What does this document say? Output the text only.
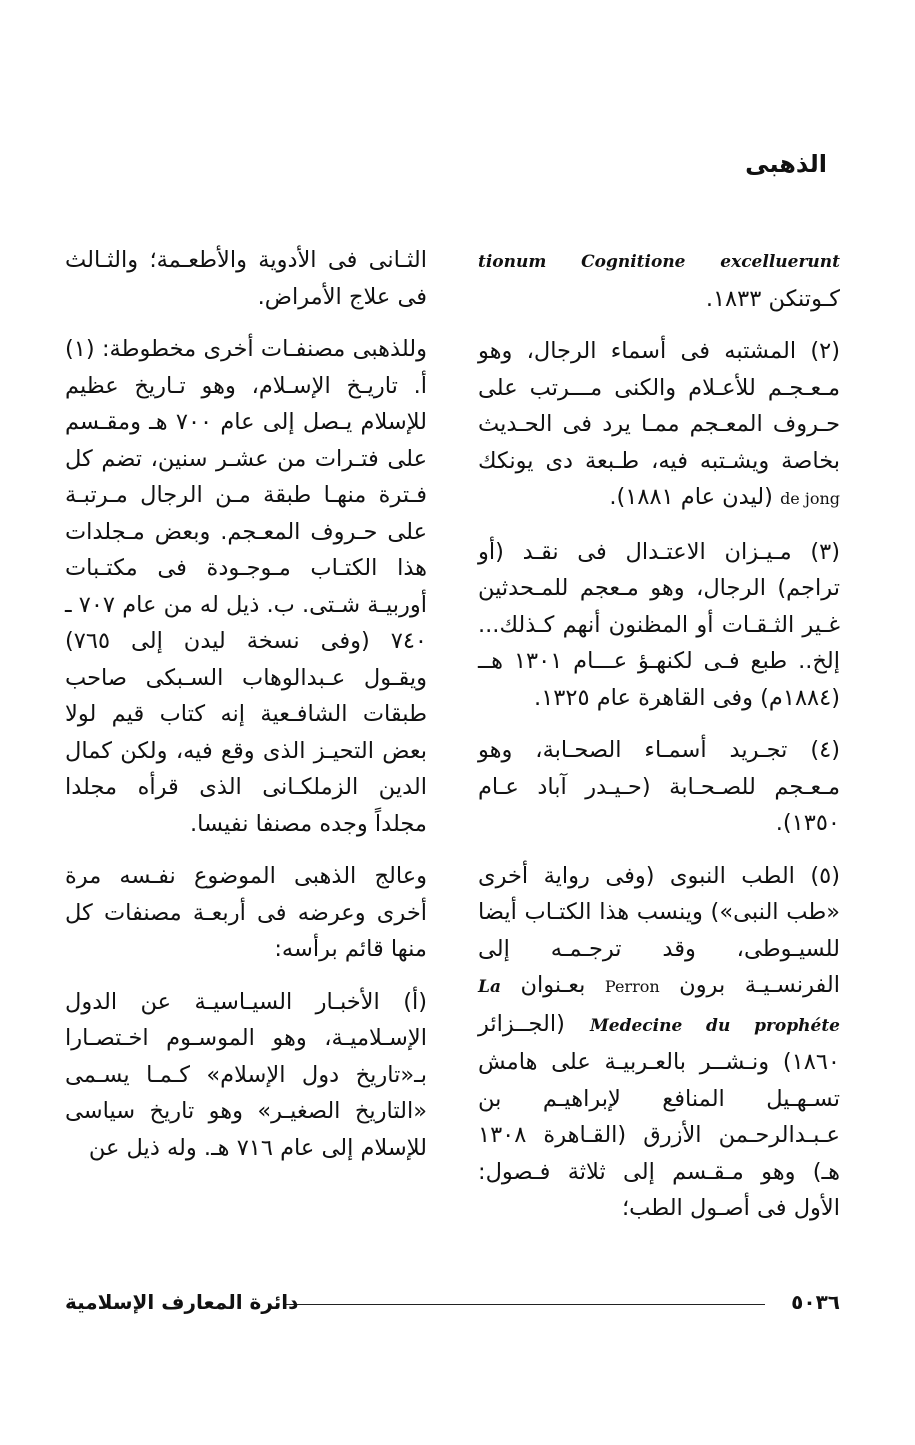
الذهبى

tionum Cognitione excelluerunt كـوتنكن ١٨٣٣.

(٢) المشتبه فى أسماء الرجال، وهو مـعـجـم للأعـلام والكنى مـــرتب على حـروف المعـجم ممـا يرد فى الحـديث بخاصة ويشـتبه فيه، طـبعة دى يونكك de jong (ليدن عام ١٨٨١).

(٣) مـيـزان الاعتـدال فى نقـد (أو تراجم) الرجال، وهو مـعجم للمـحدثين غـير الثـقـات أو المظنون أنهم كـذلك... إلخ.. طبع فـى لكنهـؤ عـــام ١٣٠١ هــ (١٨٨٤م) وفى القاهرة عام ١٣٢٥.

(٤) تجـريد أسمـاء الصحـابة، وهو مـعـجم للصـحـابة (حـيـدر آباد عـام ١٣٥٠).

(٥) الطب النبوى (وفى رواية أخرى «طب النبى») وينسب هذا الكتـاب أيضا للسيـوطى، وقد ترجـمـه إلى الفرنسـيـة برون Perron بعـنوان La Medecine du prophéte (الجــزائر ١٨٦٠) ونـشــر بالعـربيـة على هامش تسـهـيل المنافع لإبراهيـم بن عـبـدالرحـمن الأزرق (القـاهرة ١٣٠٨ هـ) وهو مـقـسم إلى ثلاثة فـصول: الأول فى أصـول الطب؛

الثـانى فى الأدوية والأطعـمة؛ والثـالث فى علاج الأمراض.

وللذهبى مصنفـات أخرى مخطوطة: (١) أ. تاريـخ الإسـلام، وهو تـاريخ عظيم للإسلام يـصل إلى عام ٧٠٠ هـ ومقـسم على فتـرات من عشـر سنين، تضم كل فـترة منهـا طبقة مـن الرجال مـرتبـة على حـروف المعـجم. وبعض مـجلدات هذا الكتـاب مـوجـودة فى مكتـبات أوربيـة شـتى. ب. ذيل له من عام ٧٠٧ ـ ٧٤٠ (وفى نسخة ليدن إلى ٧٦٥) ويقـول عـبدالوهاب السـبكى صاحب طبقات الشافـعية إنه كتاب قيم لولا بعض التحيـز الذى وقع فيه، ولكن كمال الدين الزملكـانى الذى قرأه مجلدا مجلداً وجده مصنفا نفيسا.

وعالج الذهبى الموضوع نفـسه مرة أخرى وعرضه فى أربعـة مصنفات كل منها قائم برأسه:

(أ) الأخبـار السيـاسيـة عن الدول الإسـلاميـة، وهو الموسـوم اخـتصـارا بـ«تاريخ دول الإسلام» كـمـا يسـمى «التاريخ الصغيـر» وهو تاريخ سياسى للإسلام إلى عام ٧١٦ هـ. وله ذيل عن

٥٠٣٦
دائرة المعارف الإسلامية
